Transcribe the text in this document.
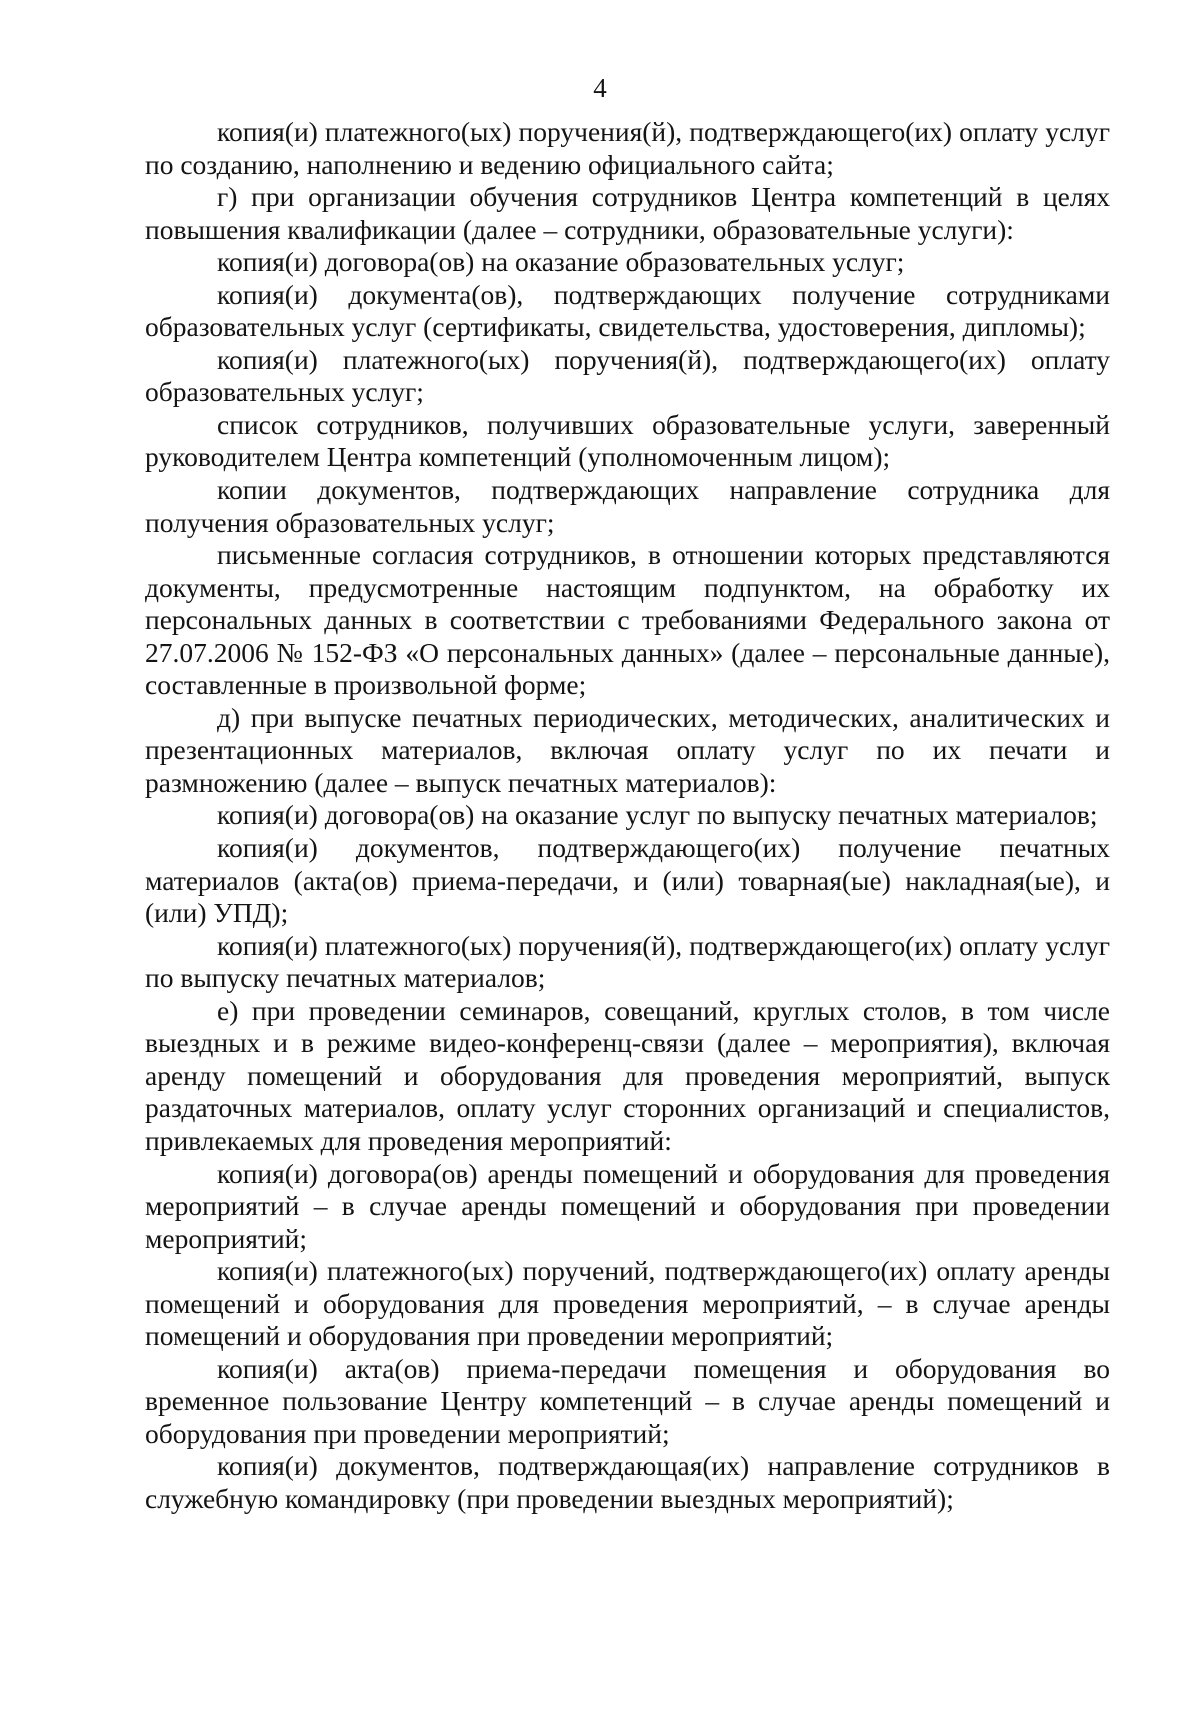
4

копия(и) платежного(ых) поручения(й), подтверждающего(их) оплату услуг по созданию, наполнению и ведению официального сайта;

г) при организации обучения сотрудников Центра компетенций в целях повышения квалификации (далее – сотрудники, образовательные услуги):

копия(и) договора(ов) на оказание образовательных услуг;

копия(и) документа(ов), подтверждающих получение сотрудниками образовательных услуг (сертификаты, свидетельства, удостоверения, дипломы);

копия(и) платежного(ых) поручения(й), подтверждающего(их) оплату образовательных услуг;

список сотрудников, получивших образовательные услуги, заверенный руководителем Центра компетенций (уполномоченным лицом);

копии документов, подтверждающих направление сотрудника для получения образовательных услуг;

письменные согласия сотрудников, в отношении которых представляются документы, предусмотренные настоящим подпунктом, на обработку их персональных данных в соответствии с требованиями Федерального закона от 27.07.2006 № 152-ФЗ «О персональных данных» (далее – персональные данные), составленные в произвольной форме;

д) при выпуске печатных периодических, методических, аналитических и презентационных материалов, включая оплату услуг по их печати и размножению (далее – выпуск печатных материалов):

копия(и) договора(ов) на оказание услуг по выпуску печатных материалов;

копия(и) документов, подтверждающего(их) получение печатных материалов (акта(ов) приема-передачи, и (или) товарная(ые) накладная(ые), и (или) УПД);

копия(и) платежного(ых) поручения(й), подтверждающего(их) оплату услуг по выпуску печатных материалов;

е) при проведении семинаров, совещаний, круглых столов, в том числе выездных и в режиме видео-конференц-связи (далее – мероприятия), включая аренду помещений и оборудования для проведения мероприятий, выпуск раздаточных материалов, оплату услуг сторонних организаций и специалистов, привлекаемых для проведения мероприятий:

копия(и) договора(ов) аренды помещений и оборудования для проведения мероприятий – в случае аренды помещений и оборудования при проведении мероприятий;

копия(и) платежного(ых) поручений, подтверждающего(их) оплату аренды помещений и оборудования для проведения мероприятий, – в случае аренды помещений и оборудования при проведении мероприятий;

копия(и) акта(ов) приема-передачи помещения и оборудования во временное пользование Центру компетенций – в случае аренды помещений и оборудования при проведении мероприятий;

копия(и) документов, подтверждающая(их) направление сотрудников в служебную командировку (при проведении выездных мероприятий);
